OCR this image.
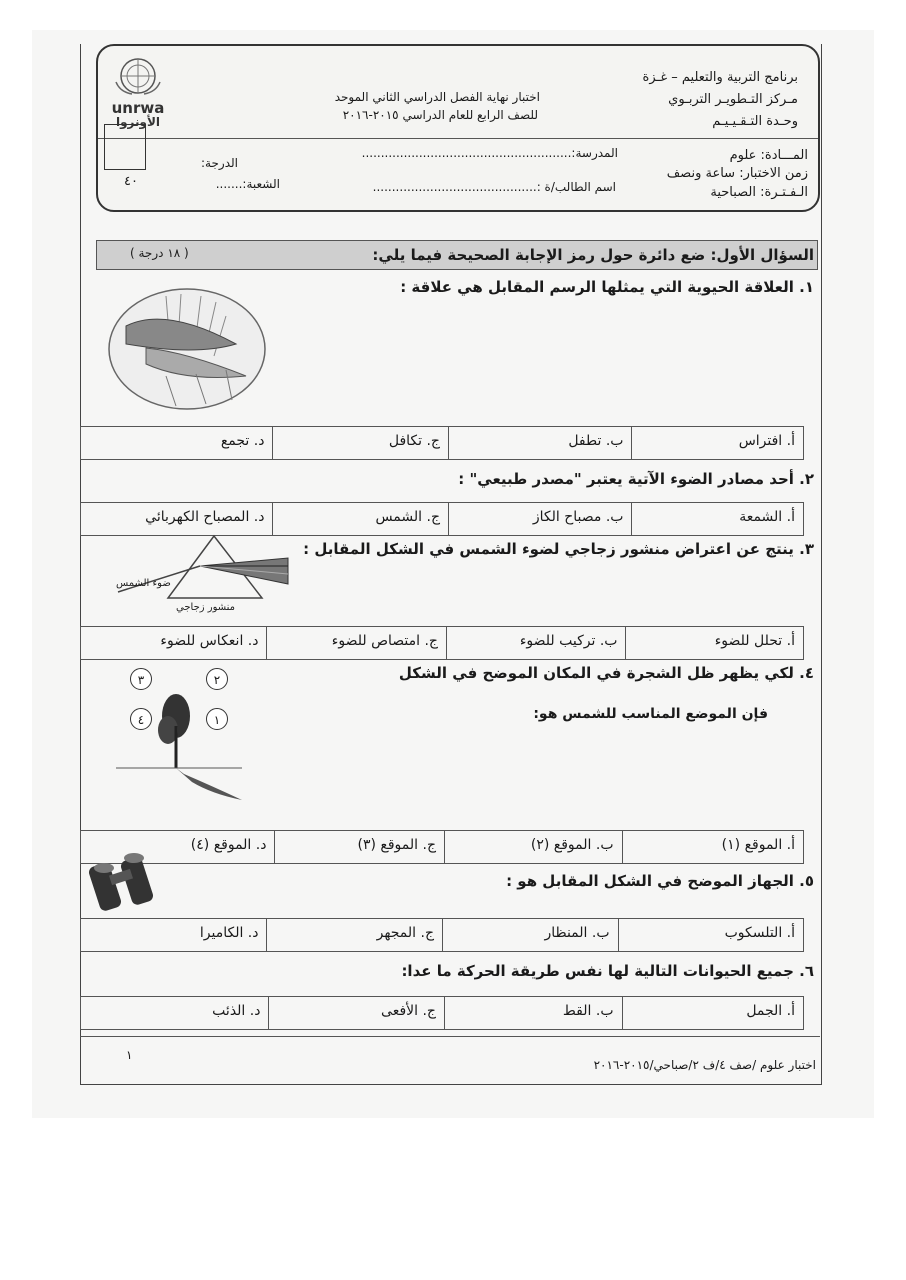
برنامج التربية والتعليم – غـزة
مـركز التـطويـر التربـوي
وحـدة التـقـيـيـم
اختبار نهاية الفصل الدراسي الثاني الموحد
للصف الرابع للعام الدراسي ٢٠١٥-٢٠١٦
unrwa
الأونروا
٤٠
المـــادة: علوم
زمن الاختبار: ساعة ونصف
الـفـتـرة: الصباحية
المدرسة:.......................................................
اسم الطالب/ة :...........................................
الدرجة:
الشعبة:.......
السؤال الأول: ضع دائرة حول رمز الإجابة الصحيحة فيما يلي:
( ١٨ درجة )
١. العلاقة الحيوية التي يمثلها الرسم المقابل هي علاقة :
أ. افتراس
ب. تطفل
ج. تكافل
د. تجمع
٢. أحد مصادر الضوء الآتية يعتبر "مصدر طبيعي" :
أ. الشمعة
ب. مصباح الكاز
ج. الشمس
د. المصباح الكهربائي
٣. ينتج عن اعتراض منشور زجاجي لضوء الشمس في الشكل المقابل :
ضوء الشمس
منشور زجاجي
أ. تحلل للضوء
ب. تركيب للضوء
ج. امتصاص للضوء
د. انعكاس للضوء
٤. لكي يظهر ظل الشجرة في المكان الموضح في الشكل
فإن الموضع المناسب للشمس هو:
٣	٢
٤	١
أ. الموقع (١)
ب. الموقع (٢)
ج. الموقع (٣)
د. الموقع (٤)
٥. الجهاز الموضح في الشكل المقابل هو :
أ. التلسكوب
ب. المنظار
ج. المجهر
د. الكاميرا
٦. جميع الحيوانات التالية لها نفس طريقة الحركة ما عدا:
أ. الجمل
ب. القط
ج. الأفعى
د. الذئب
اختبار علوم /صف ٤/ف ٢/صباحي/٢٠١٥-٢٠١٦
١
